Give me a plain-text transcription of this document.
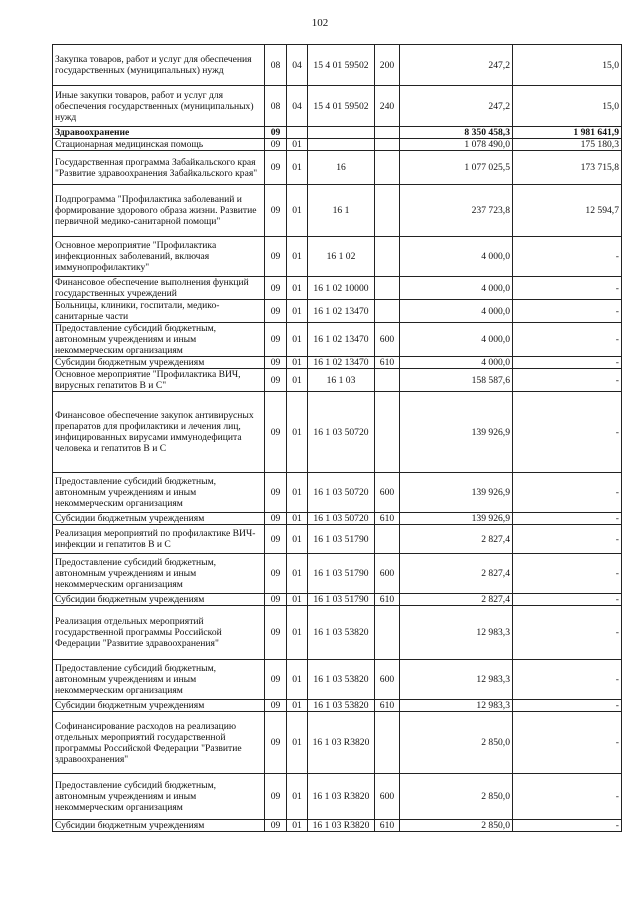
102
Закупка товаров, работ и услуг для обеспечения государственных (муниципальных) нужд	08	04	15 4 01 59502	200	247,2	15,0
Иные закупки товаров, работ и услуг для обеспечения государственных (муниципальных) нужд	08	04	15 4 01 59502	240	247,2	15,0
Здравоохранение	09				8 350 458,3	1 981 641,9
Стационарная медицинская помощь	09	01			1 078 490,0	175 180,3
Государственная программа Забайкальского края "Развитие здравоохранения Забайкальского края"	09	01	16		1 077 025,5	173 715,8
Подпрограмма "Профилактика заболеваний и формирование здорового образа жизни. Развитие первичной медико-санитарной помощи"	09	01	16 1		237 723,8	12 594,7
Основное мероприятие "Профилактика инфекционных заболеваний, включая иммунопрофилактику"	09	01	16 1 02		4 000,0	-
Финансовое обеспечение выполнения функций государственных учреждений	09	01	16 1 02 10000		4 000,0	-
Больницы, клиники, госпитали, медико-санитарные части	09	01	16 1 02 13470		4 000,0	-
Предоставление субсидий бюджетным, автономным учреждениям и иным некоммерческим организациям	09	01	16 1 02 13470	600	4 000,0	-
Субсидии бюджетным учреждениям	09	01	16 1 02 13470	610	4 000,0	-
Основное мероприятие "Профилактика ВИЧ, вирусных гепатитов В и С"	09	01	16 1 03		158 587,6	-
Финансовое обеспечение закупок антивирусных препаратов для профилактики и лечения лиц, инфицированных вирусами иммунодефицита человека и гепатитов В и С	09	01	16 1 03 50720		139 926,9	-
Предоставление субсидий бюджетным, автономным учреждениям и иным некоммерческим организациям	09	01	16 1 03 50720	600	139 926,9	-
Субсидии бюджетным учреждениям	09	01	16 1 03 50720	610	139 926,9	-
Реализация мероприятий по профилактике ВИЧ-инфекции и гепатитов В и С	09	01	16 1 03 51790		2 827,4	-
Предоставление субсидий бюджетным, автономным учреждениям и иным некоммерческим организациям	09	01	16 1 03 51790	600	2 827,4	-
Субсидии бюджетным учреждениям	09	01	16 1 03 51790	610	2 827,4	-
Реализация отдельных мероприятий государственной программы Российской Федерации "Развитие здравоохранения"	09	01	16 1 03 53820		12 983,3	-
Предоставление субсидий бюджетным, автономным учреждениям и иным некоммерческим организациям	09	01	16 1 03 53820	600	12 983,3	-
Субсидии бюджетным учреждениям	09	01	16 1 03 53820	610	12 983,3	-
Софинансирование расходов на реализацию отдельных мероприятий государственной программы Российской Федерации "Развитие здравоохранения"	09	01	16 1 03 R3820		2 850,0	-
Предоставление субсидий бюджетным, автономным учреждениям и иным некоммерческим организациям	09	01	16 1 03 R3820	600	2 850,0	-
Субсидии бюджетным учреждениям	09	01	16 1 03 R3820	610	2 850,0	-
